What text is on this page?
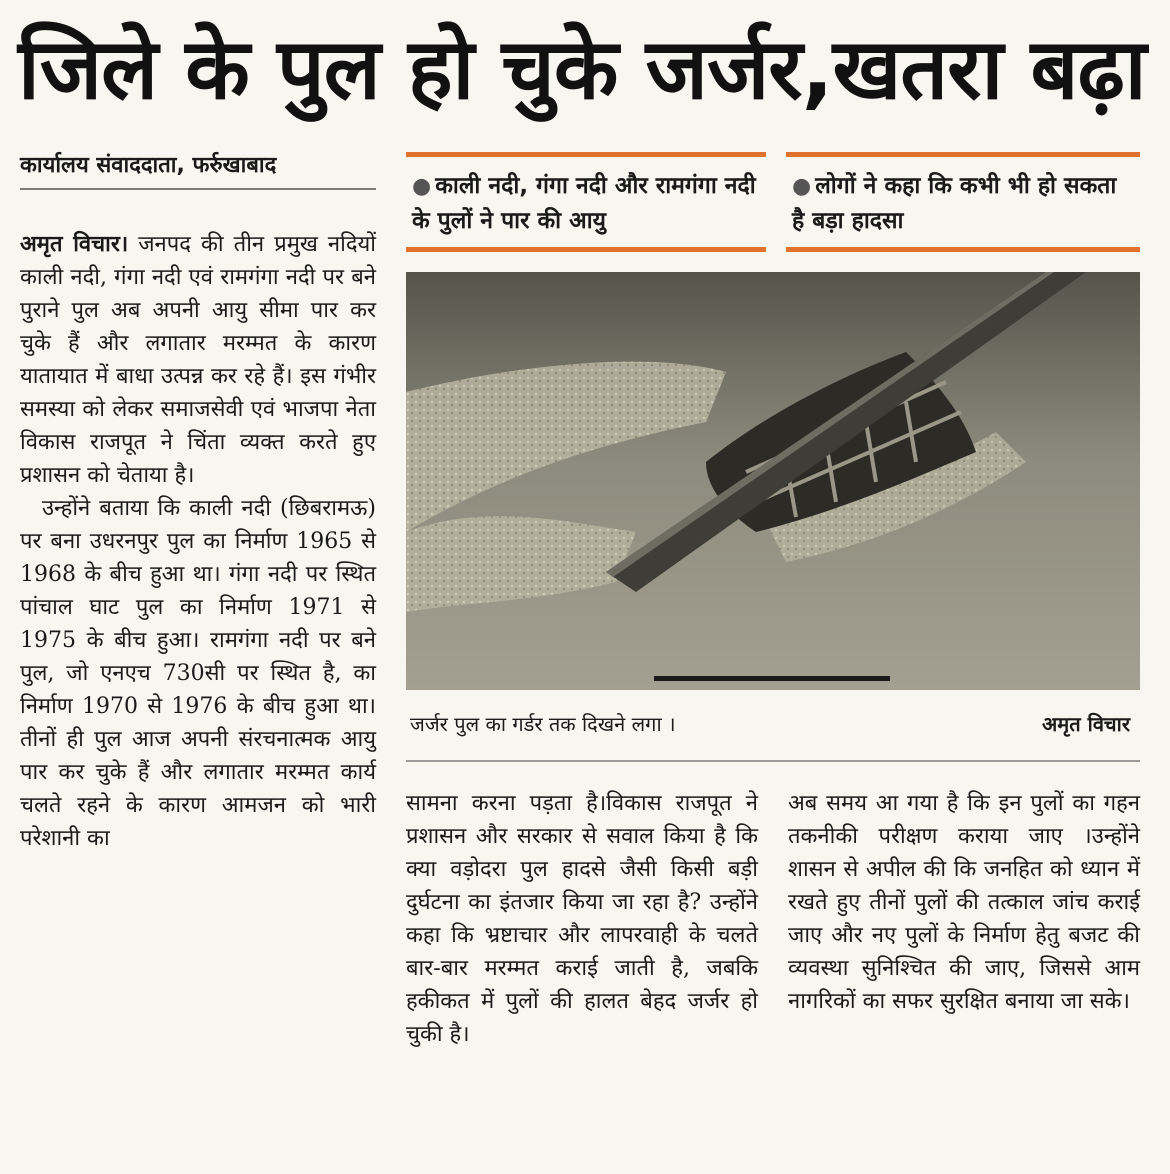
जिले के पुल हो चुके जर्जर,खतरा बढ़ा
कार्यालय संवाददाता, फर्रुखाबाद
● काली नदी, गंगा नदी और रामगंगा नदी के पुलों ने पार की आयु
● लोगों ने कहा कि कभी भी हो सकता है बड़ा हादसा

अमृत विचार। जनपद की तीन प्रमुख नदियों काली नदी, गंगा नदी एवं रामगंगा नदी पर बने पुराने पुल अब अपनी आयु सीमा पार कर चुके हैं और लगातार मरम्मत के कारण यातायात में बाधा उत्पन्न कर रहे हैं। इस गंभीर समस्या को लेकर समाजसेवी एवं भाजपा नेता विकास राजपूत ने चिंता व्यक्त करते हुए प्रशासन को चेताया है।

उन्होंने बताया कि काली नदी (छिबरामऊ) पर बना उधरनपुर पुल का निर्माण 1965 से 1968 के बीच हुआ था। गंगा नदी पर स्थित पांचाल घाट पुल का निर्माण 1971 से 1975 के बीच हुआ। रामगंगा नदी पर बने पुल, जो एनएच 730सी पर स्थित है, का निर्माण 1970 से 1976 के बीच हुआ था। तीनों ही पुल आज अपनी संरचनात्मक आयु पार कर चुके हैं और लगातार मरम्मत कार्य चलते रहने के कारण आमजन को भारी परेशानी का

जर्जर पुल का गर्डर तक दिखने लगा ।	अमृत विचार

सामना करना पड़ता है।विकास राजपूत ने प्रशासन और सरकार से सवाल किया है कि क्या वड़ोदरा पुल हादसे जैसी किसी बड़ी दुर्घटना का इंतजार किया जा रहा है? उन्होंने कहा कि भ्रष्टाचार और लापरवाही के चलते बार-बार मरम्मत कराई जाती है, जबकि हकीकत में पुलों की हालत बेहद जर्जर हो चुकी है।

अब समय आ गया है कि इन पुलों का गहन तकनीकी परीक्षण कराया जाए ।उन्होंने शासन से अपील की कि जनहित को ध्यान में रखते हुए तीनों पुलों की तत्काल जांच कराई जाए और नए पुलों के निर्माण हेतु बजट की व्यवस्था सुनिश्चित की जाए, जिससे आम नागरिकों का सफर सुरक्षित बनाया जा सके।
